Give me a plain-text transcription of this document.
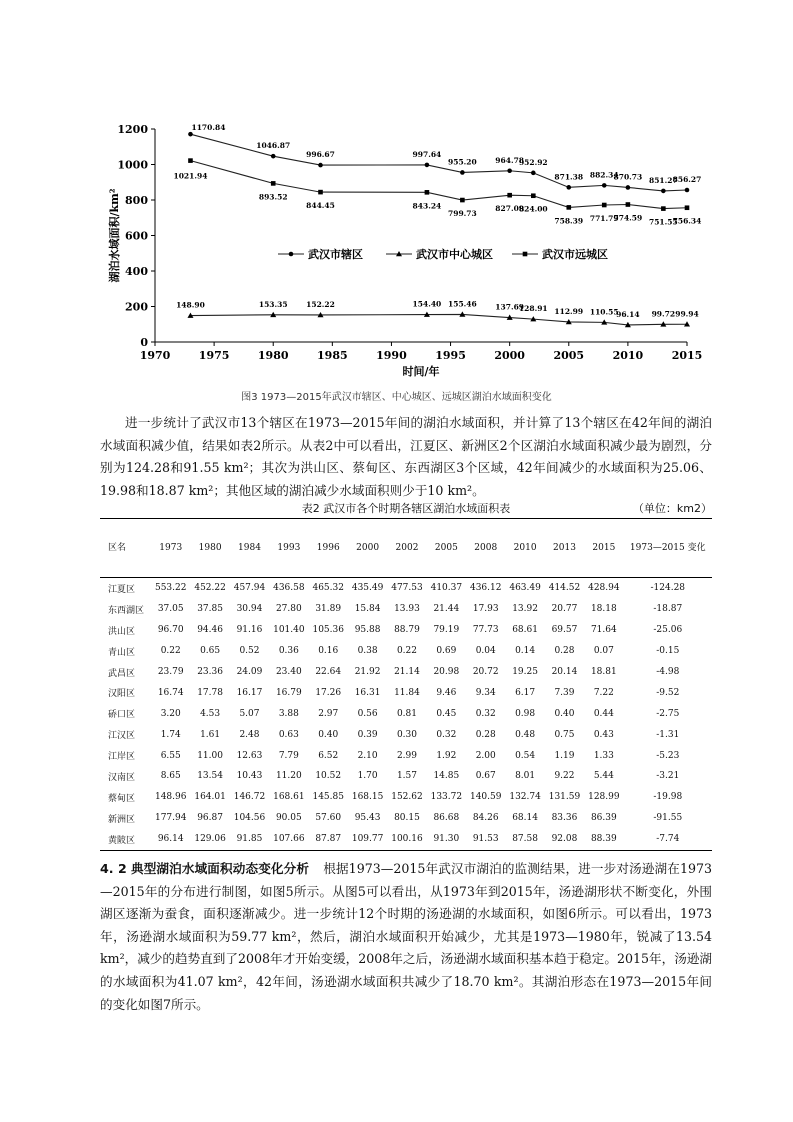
1970	1975	1980	1985	1990	1995	2000	2005	2010	2015
0
200
400
600
800
1000
1200
时间/年
湖泊水域面积/km²
1170.84
1046.87
996.67	997.64
955.20 964.78
952.92
871.38 882.34
870.73 851.27
856.27
148.90	153.35 152.22	154.40 155.46 137.69
128.91 112.99 110.55
96.14 99.72 99.94
1021.94
893.52
844.45	843.24
799.73
827.09
824.00
758.39 771.79
774.59 751.55
756.34
武汉市辖区	武汉市中心城区	武汉市远城区
图3 1973—2015年武汉市辖区、中心城区、远城区湖泊水域面积变化

进一步统计了武汉市13个辖区在1973—2015年间的湖泊水域面积，并计算了13个辖区在42年间的湖泊水域面积减少值，结果如表2所示。从表2中可以看出，江夏区、新洲区2个区湖泊水域面积减少最为剧烈，分别为124.28和91.55 km²；其次为洪山区、蔡甸区、东西湖区3个区域，42年间减少的水域面积为25.06、19.98和18.87 km²；其他区域的湖泊减少水域面积则少于10 km²。

表2 武汉市各个时期各辖区湖泊水域面积表	（单位：km2）
区名	1973	1980	1984	1993	1996	2000	2002	2005	2008	2010	2013	2015	1973—2015 变化
江夏区	553.22	452.22	457.94	436.58	465.32	435.49	477.53	410.37	436.12	463.49	414.52	428.94	-124.28
东西湖区	37.05	37.85	30.94	27.80	31.89	15.84	13.93	21.44	17.93	13.92	20.77	18.18	-18.87
洪山区	96.70	94.46	91.16	101.40	105.36	95.88	88.79	79.19	77.73	68.61	69.57	71.64	-25.06
青山区	0.22	0.65	0.52	0.36	0.16	0.38	0.22	0.69	0.04	0.14	0.28	0.07	-0.15
武昌区	23.79	23.36	24.09	23.40	22.64	21.92	21.14	20.98	20.72	19.25	20.14	18.81	-4.98
汉阳区	16.74	17.78	16.17	16.79	17.26	16.31	11.84	9.46	9.34	6.17	7.39	7.22	-9.52
硚口区	3.20	4.53	5.07	3.88	2.97	0.56	0.81	0.45	0.32	0.98	0.40	0.44	-2.75
江汉区	1.74	1.61	2.48	0.63	0.40	0.39	0.30	0.32	0.28	0.48	0.75	0.43	-1.31
江岸区	6.55	11.00	12.63	7.79	6.52	2.10	2.99	1.92	2.00	0.54	1.19	1.33	-5.23
汉南区	8.65	13.54	10.43	11.20	10.52	1.70	1.57	14.85	0.67	8.01	9.22	5.44	-3.21
蔡甸区	148.96	164.01	146.72	168.61	145.85	168.15	152.62	133.72	140.59	132.74	131.59	128.99	-19.98
新洲区	177.94	96.87	104.56	90.05	57.60	95.43	80.15	86.68	84.26	68.14	83.36	86.39	-91.55
黄陂区	96.14	129.06	91.85	107.66	87.87	109.77	100.16	91.30	91.53	87.58	92.08	88.39	-7.74

4. 2 典型湖泊水域面积动态变化分析 根据1973—2015年武汉市湖泊的监测结果，进一步对汤逊湖在1973—2015年的分布进行制图，如图5所示。从图5可以看出，从1973年到2015年，汤逊湖形状不断变化，外围湖区逐渐为蚕食，面积逐渐减少。进一步统计12个时期的汤逊湖的水域面积，如图6所示。可以看出，1973年，汤逊湖水域面积为59.77 km²，然后，湖泊水域面积开始减少，尤其是1973—1980年，锐减了13.54 km²，减少的趋势直到了2008年才开始变缓，2008年之后，汤逊湖水域面积基本趋于稳定。2015年，汤逊湖的水域面积为41.07 km²，42年间，汤逊湖水域面积共减少了18.70 km²。其湖泊形态在1973—2015年间的变化如图7所示。
